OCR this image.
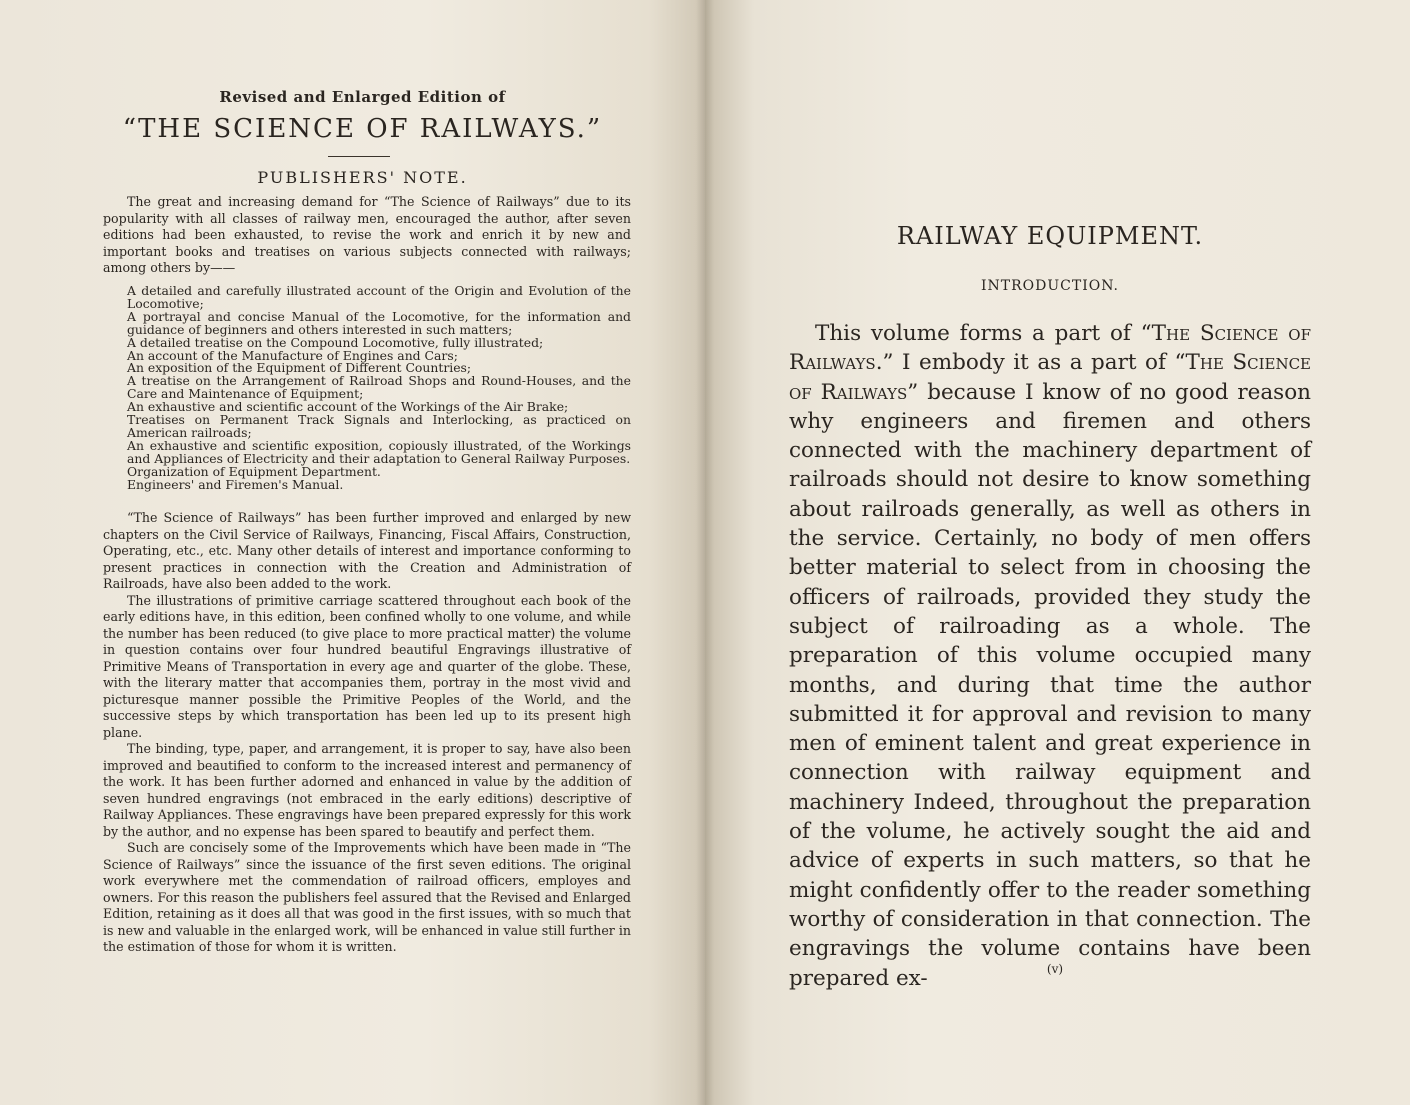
Revised and Enlarged Edition of
“THE SCIENCE OF RAILWAYS.”
PUBLISHERS' NOTE.

The great and increasing demand for “The Science of Railways” due to its popularity with all classes of railway men, encouraged the author, after seven editions had been exhausted, to revise the work and enrich it by new and important books and treatises on various subjects connected with railways; among others by——

A detailed and carefully illustrated account of the Origin and Evolution of the Locomotive;

A portrayal and concise Manual of the Locomotive, for the information and guidance of beginners and others interested in such matters;

A detailed treatise on the Compound Locomotive, fully illustrated;

An account of the Manufacture of Engines and Cars;

An exposition of the Equipment of Different Countries;

A treatise on the Arrangement of Railroad Shops and Round-Houses, and the Care and Maintenance of Equipment;

An exhaustive and scientific account of the Workings of the Air Brake;

Treatises on Permanent Track Signals and Interlocking, as practiced on American railroads;

An exhaustive and scientific exposition, copiously illustrated, of the Workings and Appliances of Electricity and their adaptation to General Railway Purposes.

Organization of Equipment Department.

Engineers' and Firemen's Manual.

“The Science of Railways” has been further improved and enlarged by new chapters on the Civil Service of Railways, Financing, Fiscal Affairs, Construction, Operating, etc., etc. Many other details of interest and importance conforming to present practices in connection with the Creation and Administration of Railroads, have also been added to the work.

The illustrations of primitive carriage scattered throughout each book of the early editions have, in this edition, been confined wholly to one volume, and while the number has been reduced (to give place to more practical matter) the volume in question contains over four hundred beautiful Engravings illustrative of Primitive Means of Transportation in every age and quarter of the globe. These, with the literary matter that accompanies them, portray in the most vivid and picturesque manner possible the Primitive Peoples of the World, and the successive steps by which transportation has been led up to its present high plane.

The binding, type, paper, and arrangement, it is proper to say, have also been improved and beautified to conform to the increased interest and permanency of the work. It has been further adorned and enhanced in value by the addition of seven hundred engravings (not embraced in the early editions) descriptive of Railway Appliances. These engravings have been prepared expressly for this work by the author, and no expense has been spared to beautify and perfect them.

Such are concisely some of the Improvements which have been made in “The Science of Railways” since the issuance of the first seven editions. The original work everywhere met the commendation of railroad officers, employes and owners. For this reason the publishers feel assured that the Revised and Enlarged Edition, retaining as it does all that was good in the first issues, with so much that is new and valuable in the enlarged work, will be enhanced in value still further in the estimation of those for whom it is written.

RAILWAY EQUIPMENT.
INTRODUCTION.

This volume forms a part of “The Science of Railways.” I embody it as a part of “The Science of Railways” because I know of no good reason why engineers and firemen and others connected with the machinery department of railroads should not desire to know something about railroads generally, as well as others in the service. Certainly, no body of men offers better material to select from in choosing the officers of railroads, provided they study the subject of railroading as a whole. The preparation of this volume occupied many months, and during that time the author submitted it for approval and revision to many men of eminent talent and great experience in connection with railway equipment and machinery Indeed, throughout the preparation of the volume, he actively sought the aid and advice of experts in such matters, so that he might confidently offer to the reader something worthy of consideration in that connection. The engravings the volume contains have been prepared ex-	(v)
